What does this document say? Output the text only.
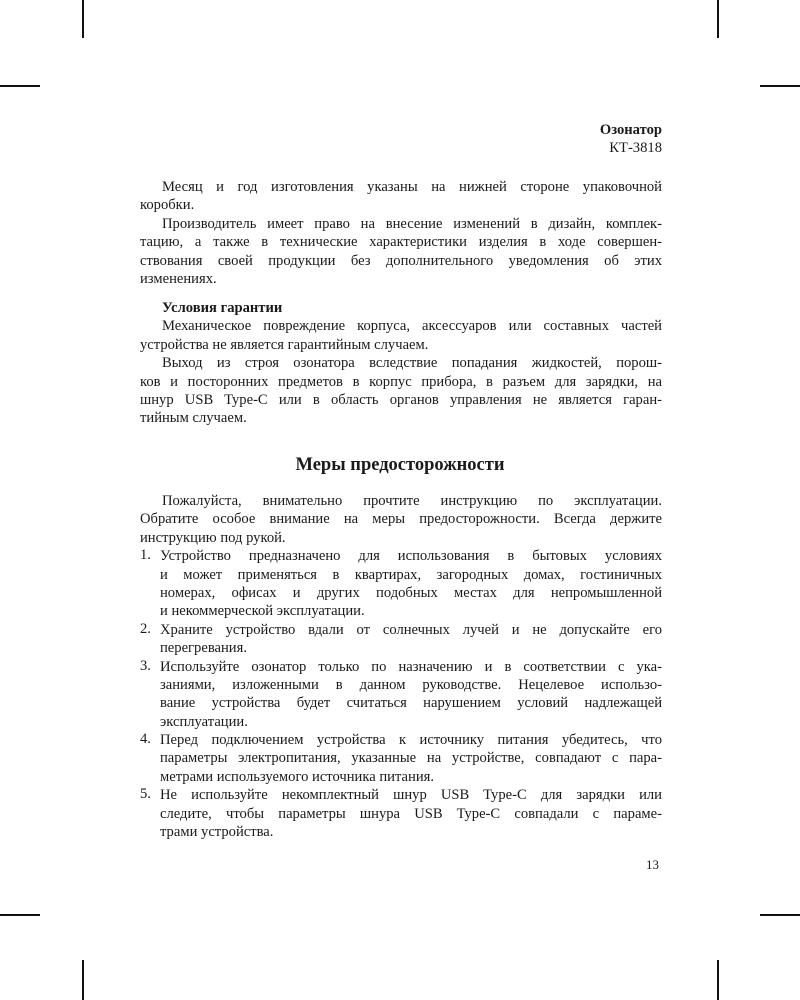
Озонатор
КТ-3818
Месяц и год изготовления указаны на нижней стороне упаковочной
коробки.
Производитель имеет право на внесение изменений в дизайн, комплек-
тацию, а также в технические характеристики изделия в ходе совершен-
ствования своей продукции без дополнительного уведомления об этих
изменениях.
Условия гарантии
Механическое повреждение корпуса, аксессуаров или составных частей
устройства не является гарантийным случаем.
Выход из строя озонатора вследствие попадания жидкостей, порош-
ков и посторонних предметов в корпус прибора, в разъем для зарядки, на
шнур USB Type-C или в область органов управления не является гаран-
тийным случаем.
Меры предосторожности
Пожалуйста, внимательно прочтите инструкцию по эксплуатации.
Обратите особое внимание на меры предосторожности. Всегда держите
инструкцию под рукой.
1. Устройство предназначено для использования в бытовых условиях
и может применяться в квартирах, загородных домах, гостиничных
номерах, офисах и других подобных местах для непромышленной
и некоммерческой эксплуатации.
2. Храните устройство вдали от солнечных лучей и не допускайте его
перегревания.
3. Используйте озонатор только по назначению и в соответствии с ука-
заниями, изложенными в данном руководстве. Нецелевое использо-
вание устройства будет считаться нарушением условий надлежащей
эксплуатации.
4. Перед подключением устройства к источнику питания убедитесь, что
параметры электропитания, указанные на устройстве, совпадают с пара-
метрами используемого источника питания.
5. Не используйте некомплектный шнур USB Type-C для зарядки или
следите, чтобы параметры шнура USB Type-C совпадали с параме-
трами устройства.
13
